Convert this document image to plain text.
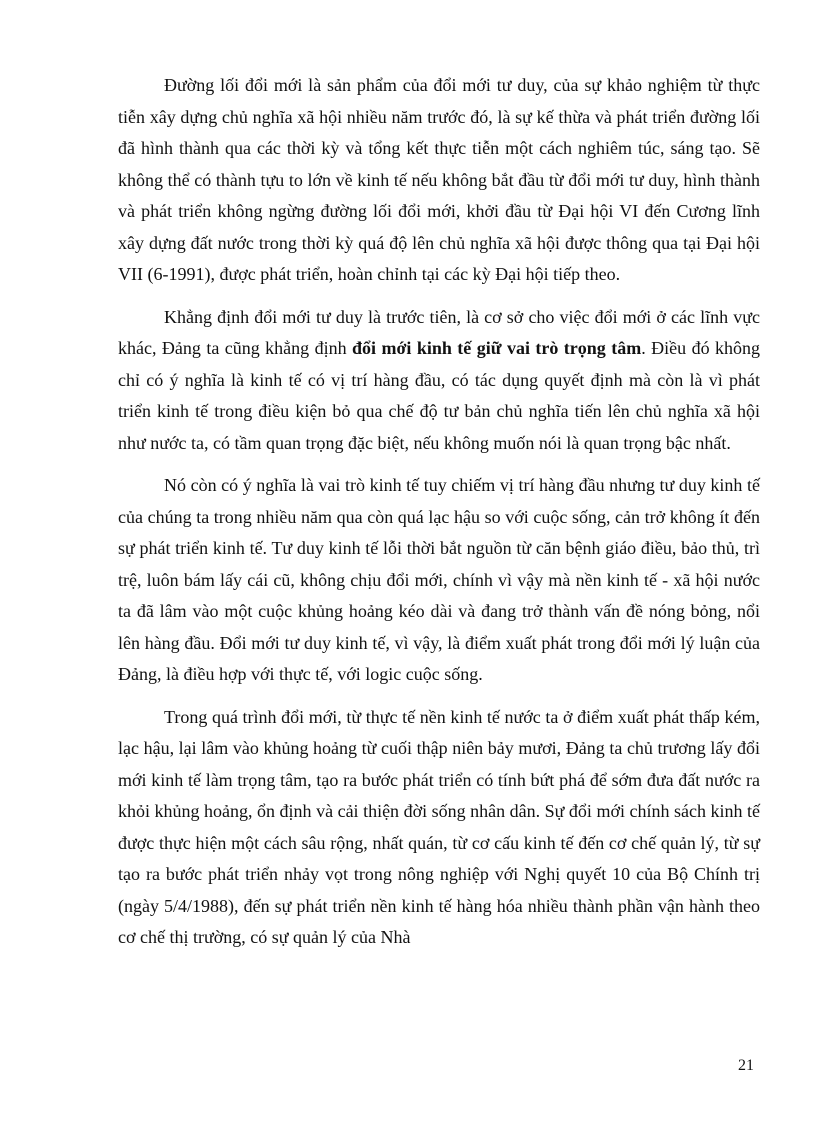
Đường lối đổi mới là sản phẩm của đổi mới tư duy, của sự khảo nghiệm từ thực tiễn xây dựng chủ nghĩa xã hội nhiều năm trước đó, là sự kế thừa và phát triển đường lối đã hình thành qua các thời kỳ và tổng kết thực tiễn một cách nghiêm túc, sáng tạo. Sẽ không thể có thành tựu to lớn về kinh tế nếu không bắt đầu từ đổi mới tư duy, hình thành và phát triển không ngừng đường lối đổi mới, khởi đầu từ Đại hội VI đến Cương lĩnh xây dựng đất nước trong thời kỳ quá độ lên chủ nghĩa xã hội được thông qua tại Đại hội VII (6-1991), được phát triển, hoàn chỉnh tại các kỳ Đại hội tiếp theo.

Khẳng định đổi mới tư duy là trước tiên, là cơ sở cho việc đổi mới ở các lĩnh vực khác, Đảng ta cũng khẳng định đổi mới kinh tế giữ vai trò trọng tâm. Điều đó không chỉ có ý nghĩa là kinh tế có vị trí hàng đầu, có tác dụng quyết định mà còn là vì phát triển kinh tế trong điều kiện bỏ qua chế độ tư bản chủ nghĩa tiến lên chủ nghĩa xã hội như nước ta, có tầm quan trọng đặc biệt, nếu không muốn nói là quan trọng bậc nhất.

Nó còn có ý nghĩa là vai trò kinh tế tuy chiếm vị trí hàng đầu nhưng tư duy kinh tế của chúng ta trong nhiều năm qua còn quá lạc hậu so với cuộc sống, cản trở không ít đến sự phát triển kinh tế. Tư duy kinh tế lỗi thời bắt nguồn từ căn bệnh giáo điều, bảo thủ, trì trệ, luôn bám lấy cái cũ, không chịu đổi mới, chính vì vậy mà nền kinh tế - xã hội nước ta đã lâm vào một cuộc khủng hoảng kéo dài và đang trở thành vấn đề nóng bỏng, nổi lên hàng đầu. Đổi mới tư duy kinh tế, vì vậy, là điểm xuất phát trong đổi mới lý luận của Đảng, là điều hợp với thực tế, với logic cuộc sống.

Trong quá trình đổi mới, từ thực tế nền kinh tế nước ta ở điểm xuất phát thấp kém, lạc hậu, lại lâm vào khủng hoảng từ cuối thập niên bảy mươi, Đảng ta chủ trương lấy đổi mới kinh tế làm trọng tâm, tạo ra bước phát triển có tính bứt phá để sớm đưa đất nước ra khỏi khủng hoảng, ổn định và cải thiện đời sống nhân dân. Sự đổi mới chính sách kinh tế được thực hiện một cách sâu rộng, nhất quán, từ cơ cấu kinh tế đến cơ chế quản lý, từ sự tạo ra bước phát triển nhảy vọt trong nông nghiệp với Nghị quyết 10 của Bộ Chính trị (ngày 5/4/1988), đến sự phát triển nền kinh tế hàng hóa nhiều thành phần vận hành theo cơ chế thị trường, có sự quản lý của Nhà

21
